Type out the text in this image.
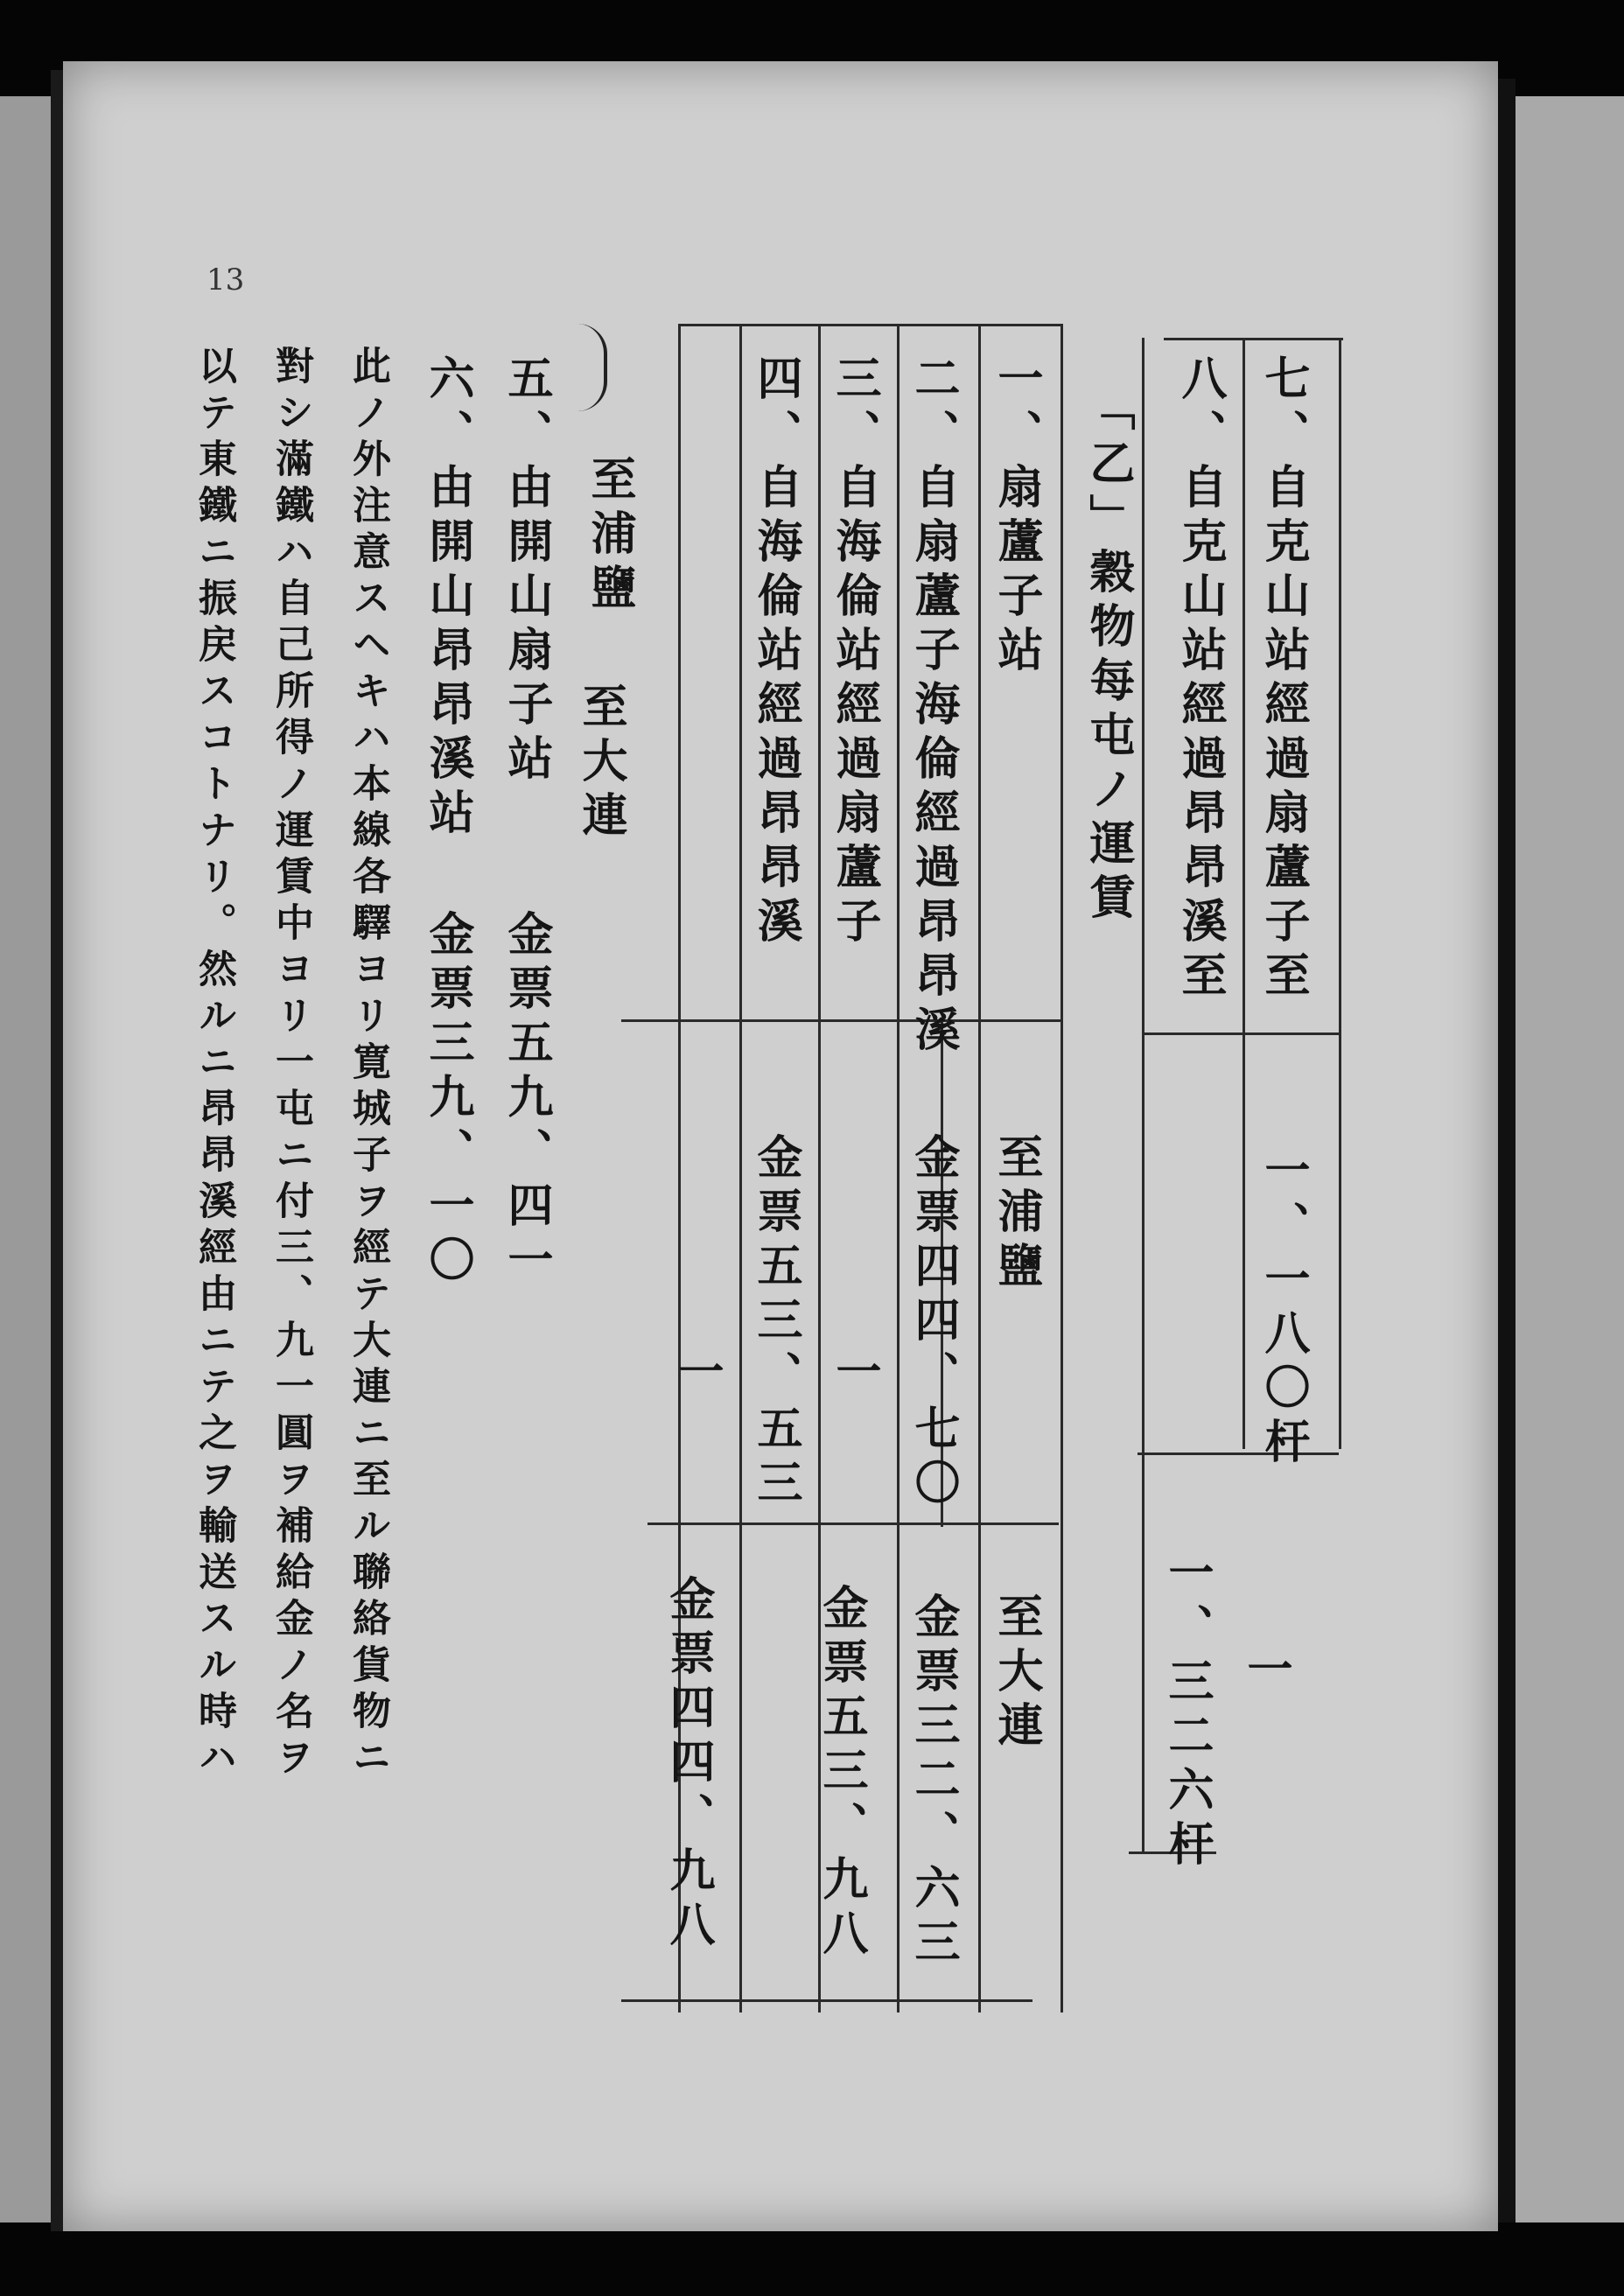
13
七、自克山站經過扇蘆子至
八、自克山站經過昂昂溪至
一、一八〇杆
一
一、三二六杆
「乙」穀物每屯ノ運賃
一、扇蘆子站
二、自扇蘆子海倫經過昂昂溪
三、自海倫站經過扇蘆子
四、自海倫站經過昂昂溪
至浦鹽
至大連
金票四四、七〇
金票三二、六三
一
金票五三、九八
金票五三、五三
一
金票四四、九八
至浦鹽
至大連
五、由開山扇子站
金票五九、四一
六、由開山昂昂溪站
金票三九、一〇
此ノ外注意スヘキハ本線各驛ヨリ寛城子ヲ經テ大連ニ至ル聯絡貨物ニ
對シ滿鐵ハ自己所得ノ運賃中ヨリ一屯ニ付三、九一圓ヲ補給金ノ名ヲ
以テ東鐵ニ振戻スコトナリ。然ルニ昂昂溪經由ニテ之ヲ輸送スル時ハ
